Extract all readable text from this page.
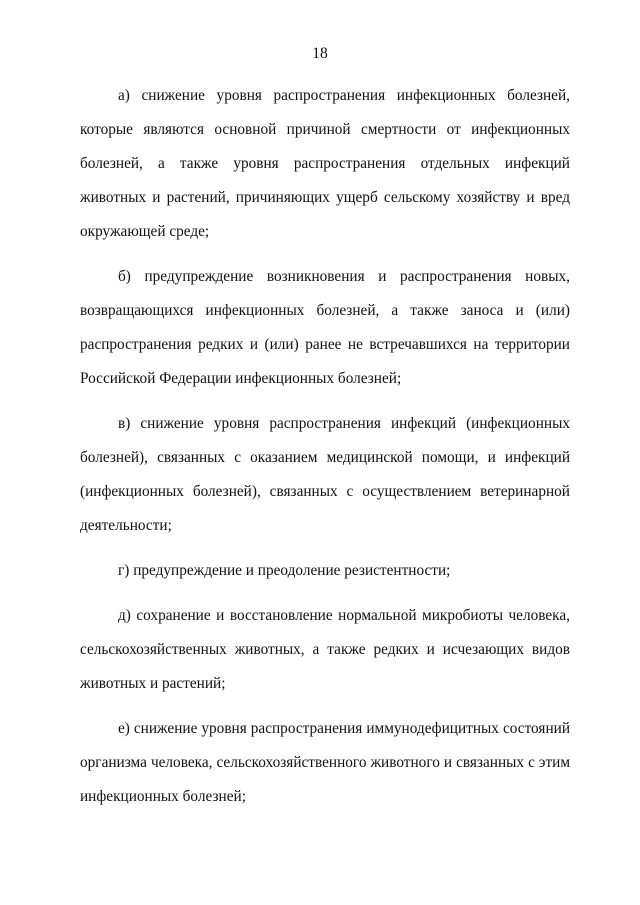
18

а) снижение уровня распространения инфекционных болезней, которые являются основной причиной смертности от инфекционных болезней, а также уровня распространения отдельных инфекций животных и растений, причиняющих ущерб сельскому хозяйству и вред окружающей среде;

б) предупреждение возникновения и распространения новых, возвращающихся инфекционных болезней, а также заноса и (или) распространения редких и (или) ранее не встречавшихся на территории Российской Федерации инфекционных болезней;

в) снижение уровня распространения инфекций (инфекционных болезней), связанных с оказанием медицинской помощи, и инфекций (инфекционных болезней), связанных с осуществлением ветеринарной деятельности;

г) предупреждение и преодоление резистентности;

д) сохранение и восстановление нормальной микробиоты человека, сельскохозяйственных животных, а также редких и исчезающих видов животных и растений;

е) снижение уровня распространения иммунодефицитных состояний организма человека, сельскохозяйственного животного и связанных с этим инфекционных болезней;
